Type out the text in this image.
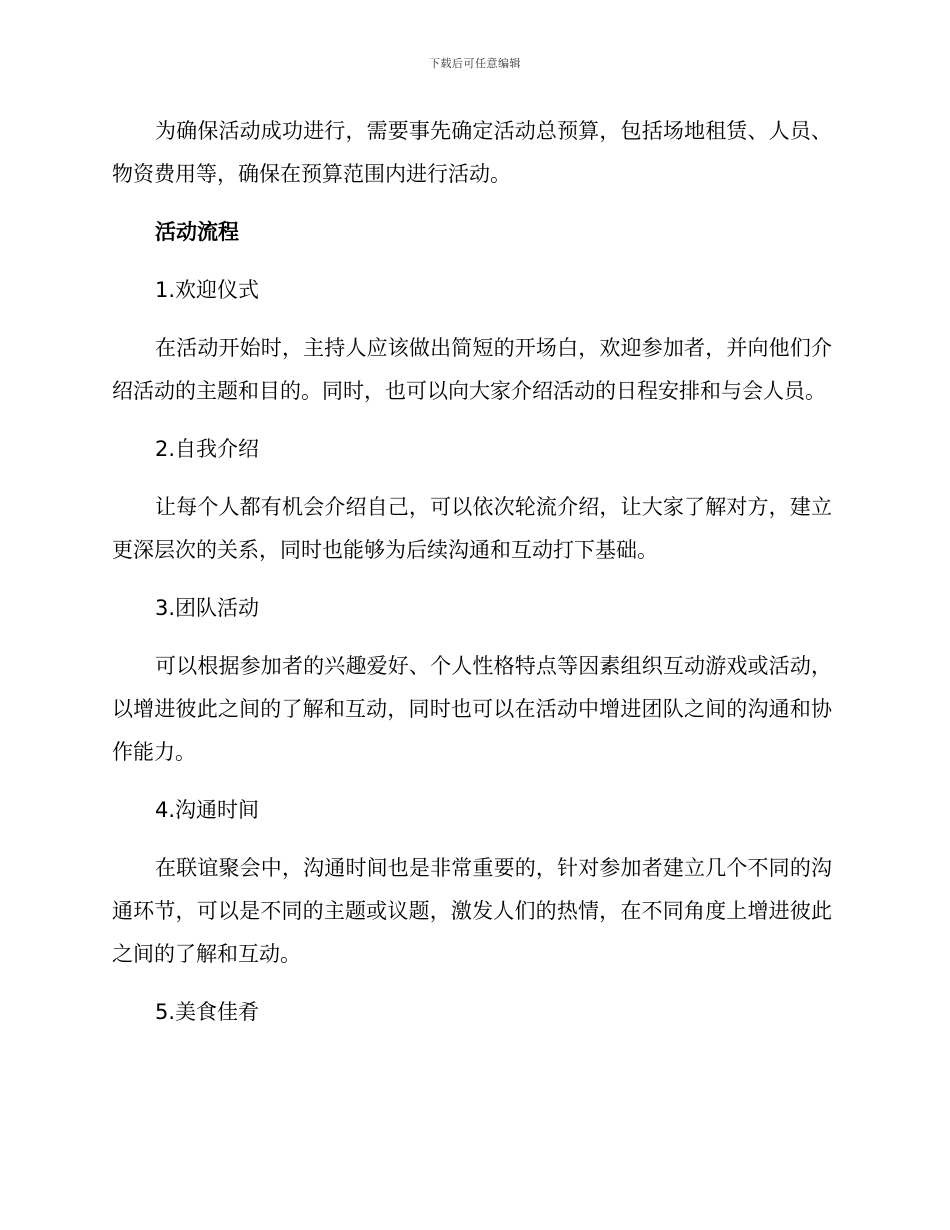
下载后可任意编辑

为确保活动成功进行，需要事先确定活动总预算，包括场地租赁、人员、物资费用等，确保在预算范围内进行活动。

活动流程

1.欢迎仪式

在活动开始时，主持人应该做出简短的开场白，欢迎参加者，并向他们介绍活动的主题和目的。同时，也可以向大家介绍活动的日程安排和与会人员。

2.自我介绍

让每个人都有机会介绍自己，可以依次轮流介绍，让大家了解对方，建立更深层次的关系，同时也能够为后续沟通和互动打下基础。

3.团队活动

可以根据参加者的兴趣爱好、个人性格特点等因素组织互动游戏或活动，以增进彼此之间的了解和互动，同时也可以在活动中增进团队之间的沟通和协作能力。

4.沟通时间

在联谊聚会中，沟通时间也是非常重要的，针对参加者建立几个不同的沟通环节，可以是不同的主题或议题，激发人们的热情，在不同角度上增进彼此之间的了解和互动。

5.美食佳肴
